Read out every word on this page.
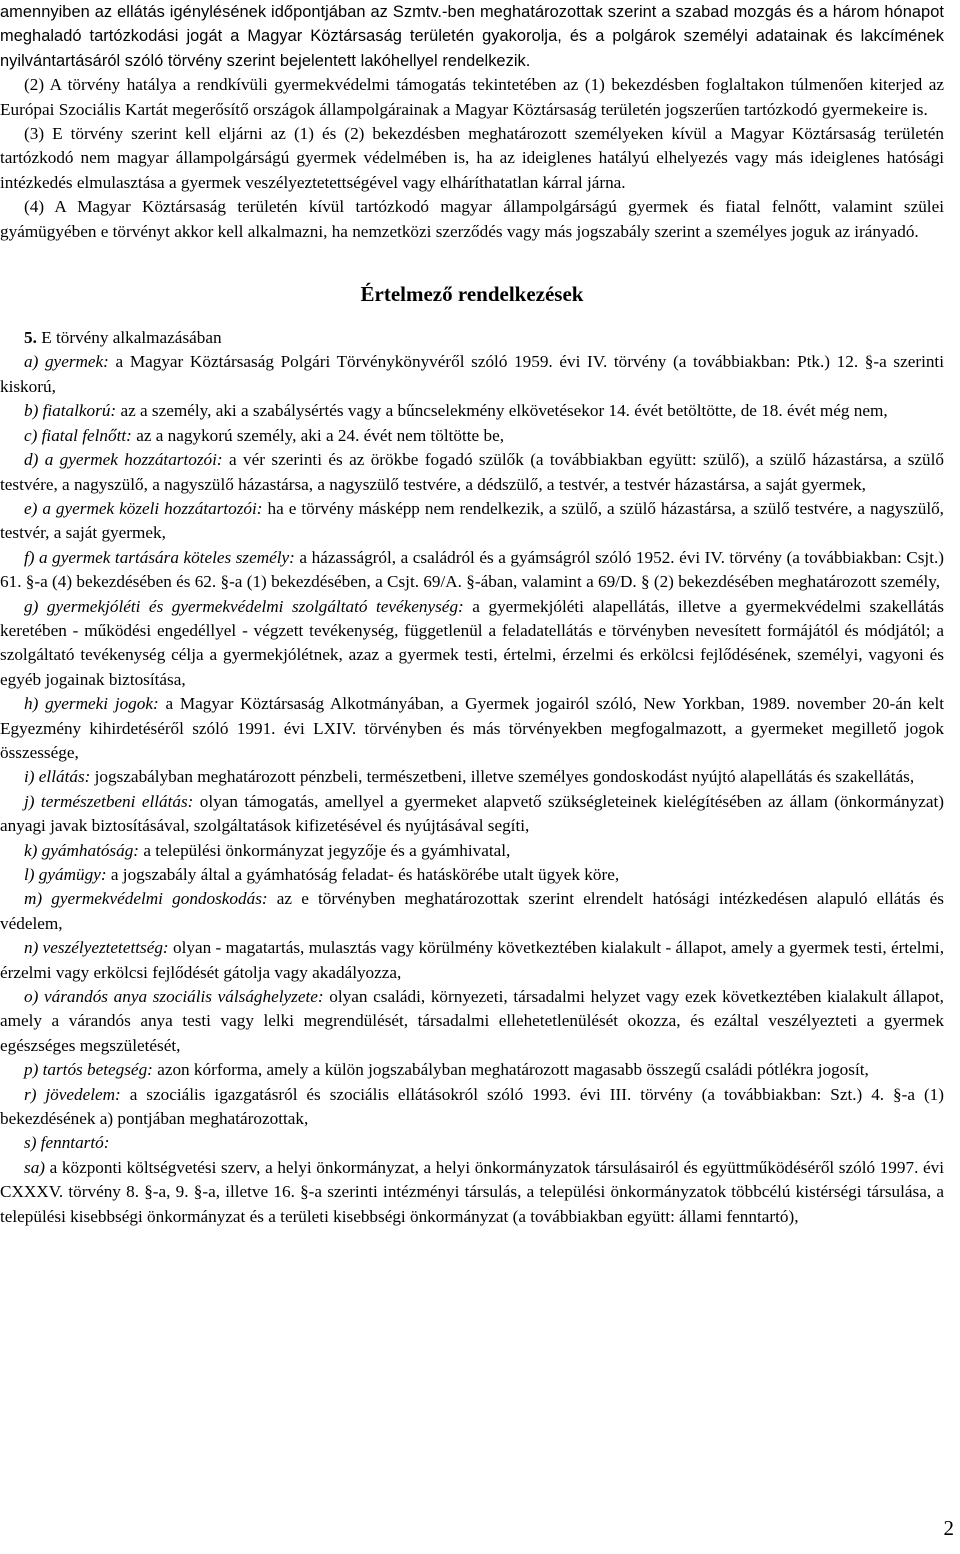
amennyiben az ellátás igénylésének időpontjában az Szmtv.-ben meghatározottak szerint a szabad mozgás és a három hónapot meghaladó tartózkodási jogát a Magyar Köztársaság területén gyakorolja, és a polgárok személyi adatainak és lakcímének nyilvántartásáról szóló törvény szerint bejelentett lakóhellyel rendelkezik.

(2) A törvény hatálya a rendkívüli gyermekvédelmi támogatás tekintetében az (1) bekezdésben foglaltakon túlmenően kiterjed az Európai Szociális Kartát megerősítő országok állampolgárainak a Magyar Köztársaság területén jogszerűen tartózkodó gyermekeire is.

(3) E törvény szerint kell eljárni az (1) és (2) bekezdésben meghatározott személyeken kívül a Magyar Köztársaság területén tartózkodó nem magyar állampolgárságú gyermek védelmében is, ha az ideiglenes hatályú elhelyezés vagy más ideiglenes hatósági intézkedés elmulasztása a gyermek veszélyeztetettségével vagy elháríthatatlan kárral járna.

(4) A Magyar Köztársaság területén kívül tartózkodó magyar állampolgárságú gyermek és fiatal felnőtt, valamint szülei gyámügyében e törvényt akkor kell alkalmazni, ha nemzetközi szerződés vagy más jogszabály szerint a személyes joguk az irányadó.

Értelmező rendelkezések

5. E törvény alkalmazásában

a) gyermek: a Magyar Köztársaság Polgári Törvénykönyvéről szóló 1959. évi IV. törvény (a továbbiakban: Ptk.) 12. §-a szerinti kiskorú,

b) fiatalkorú: az a személy, aki a szabálysértés vagy a bűncselekmény elkövetésekor 14. évét betöltötte, de 18. évét még nem,

c) fiatal felnőtt: az a nagykorú személy, aki a 24. évét nem töltötte be,

d) a gyermek hozzátartozói: a vér szerinti és az örökbe fogadó szülők (a továbbiakban együtt: szülő), a szülő házastársa, a szülő testvére, a nagyszülő, a nagyszülő házastársa, a nagyszülő testvére, a dédszülő, a testvér, a testvér házastársa, a saját gyermek,

e) a gyermek közeli hozzátartozói: ha e törvény másképp nem rendelkezik, a szülő, a szülő házastársa, a szülő testvére, a nagyszülő, testvér, a saját gyermek,

f) a gyermek tartására köteles személy: a házasságról, a családról és a gyámságról szóló 1952. évi IV. törvény (a továbbiakban: Csjt.) 61. §-a (4) bekezdésében és 62. §-a (1) bekezdésében, a Csjt. 69/A. §-ában, valamint a 69/D. § (2) bekezdésében meghatározott személy,

g) gyermekjóléti és gyermekvédelmi szolgáltató tevékenység: a gyermekjóléti alapellátás, illetve a gyermekvédelmi szakellátás keretében - működési engedéllyel - végzett tevékenység, függetlenül a feladatellátás e törvényben nevesített formájától és módjától; a szolgáltató tevékenység célja a gyermekjólétnek, azaz a gyermek testi, értelmi, érzelmi és erkölcsi fejlődésének, személyi, vagyoni és egyéb jogainak biztosítása,

h) gyermeki jogok: a Magyar Köztársaság Alkotmányában, a Gyermek jogairól szóló, New Yorkban, 1989. november 20-án kelt Egyezmény kihirdetéséről szóló 1991. évi LXIV. törvényben és más törvényekben megfogalmazott, a gyermeket megillető jogok összessége,

i) ellátás: jogszabályban meghatározott pénzbeli, természetbeni, illetve személyes gondoskodást nyújtó alapellátás és szakellátás,

j) természetbeni ellátás: olyan támogatás, amellyel a gyermeket alapvető szükségleteinek kielégítésében az állam (önkormányzat) anyagi javak biztosításával, szolgáltatások kifizetésével és nyújtásával segíti,

k) gyámhatóság: a települési önkormányzat jegyzője és a gyámhivatal,

l) gyámügy: a jogszabály által a gyámhatóság feladat- és hatáskörébe utalt ügyek köre,

m) gyermekvédelmi gondoskodás: az e törvényben meghatározottak szerint elrendelt hatósági intézkedésen alapuló ellátás és védelem,

n) veszélyeztetettség: olyan - magatartás, mulasztás vagy körülmény következtében kialakult - állapot, amely a gyermek testi, értelmi, érzelmi vagy erkölcsi fejlődését gátolja vagy akadályozza,

o) várandós anya szociális válsághelyzete: olyan családi, környezeti, társadalmi helyzet vagy ezek következtében kialakult állapot, amely a várandós anya testi vagy lelki megrendülését, társadalmi ellehetetlenülését okozza, és ezáltal veszélyezteti a gyermek egészséges megszületését,

p) tartós betegség: azon kórforma, amely a külön jogszabályban meghatározott magasabb összegű családi pótlékra jogosít,

r) jövedelem: a szociális igazgatásról és szociális ellátásokról szóló 1993. évi III. törvény (a továbbiakban: Szt.) 4. §-a (1) bekezdésének a) pontjában meghatározottak,

s) fenntartó:

sa) a központi költségvetési szerv, a helyi önkormányzat, a helyi önkormányzatok társulásairól és együttműködéséről szóló 1997. évi CXXXV. törvény 8. §-a, 9. §-a, illetve 16. §-a szerinti intézményi társulás, a települési önkormányzatok többcélú kistérségi társulása, a települési kisebbségi önkormányzat és a területi kisebbségi önkormányzat (a továbbiakban együtt: állami fenntartó),

2
